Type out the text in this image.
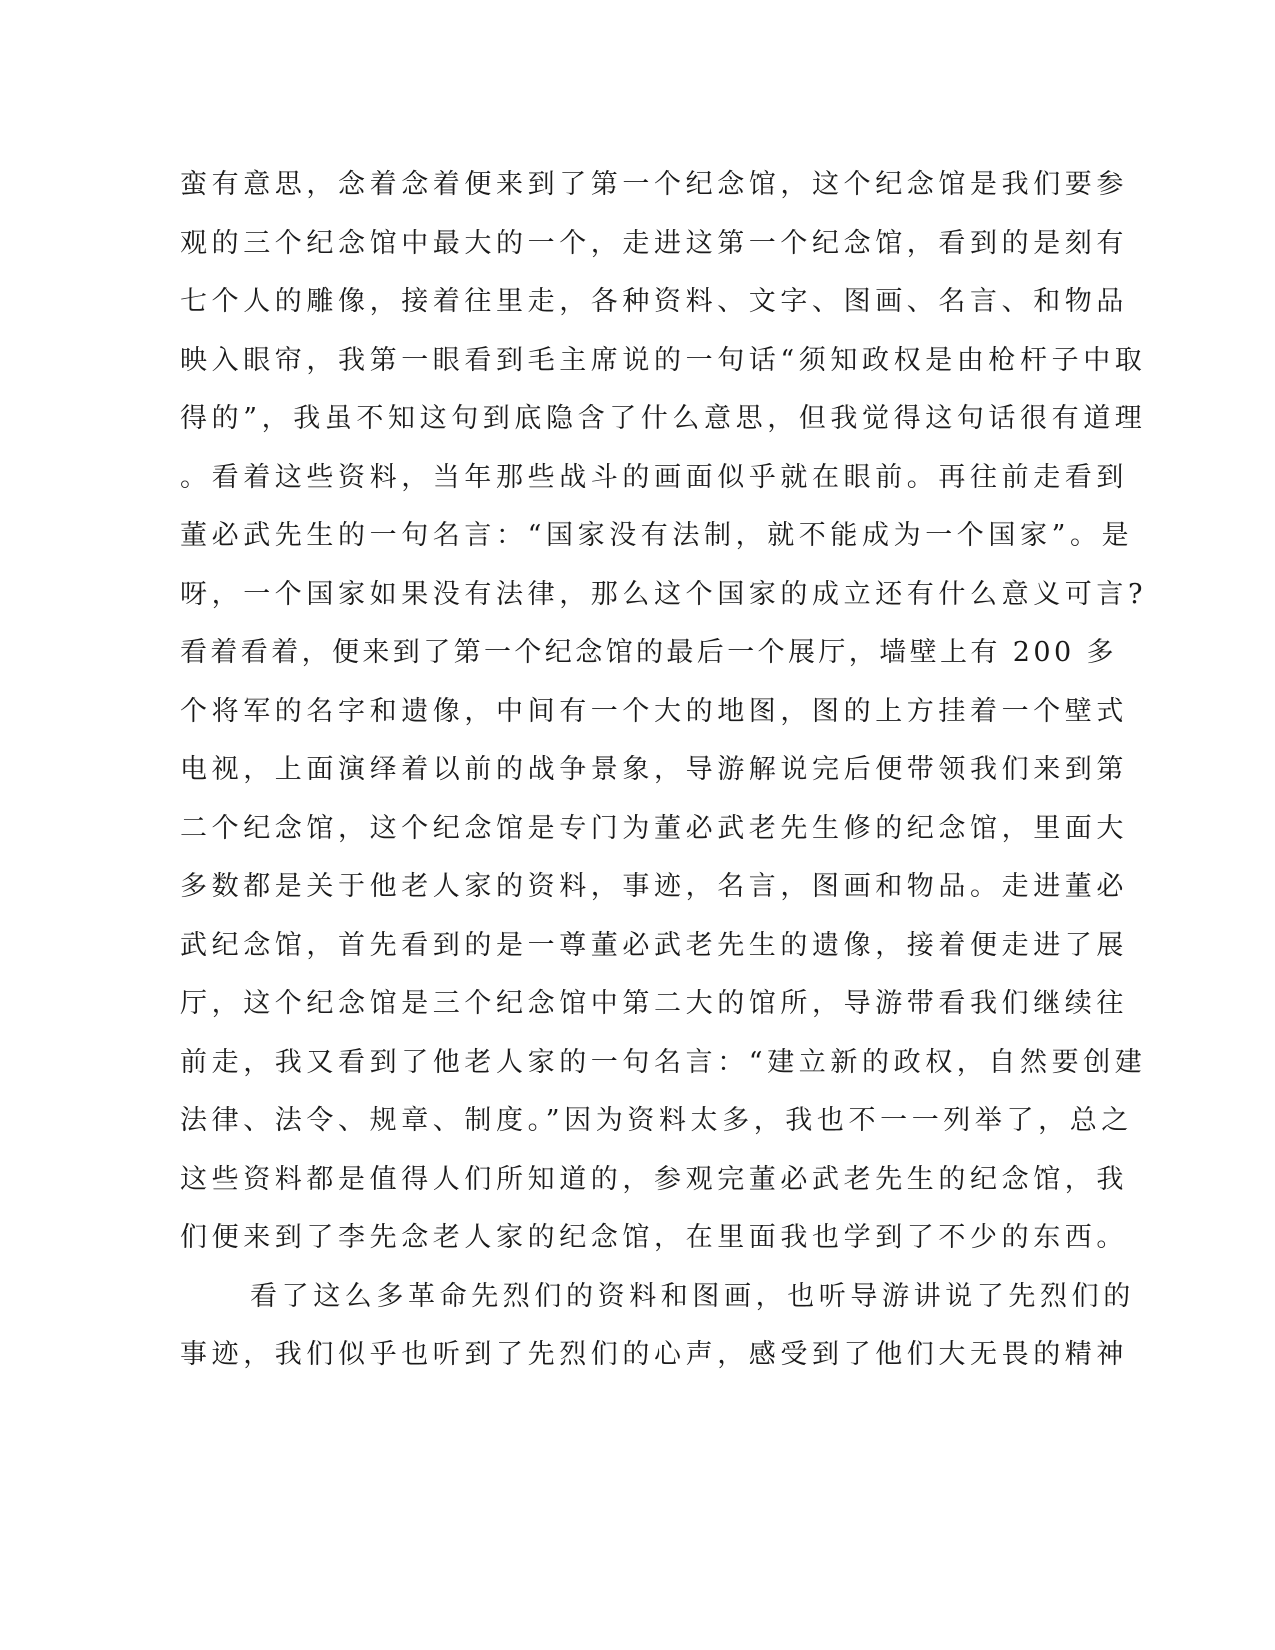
蛮有意思，念着念着便来到了第一个纪念馆，这个纪念馆是我们要参
观的三个纪念馆中最大的一个，走进这第一个纪念馆，看到的是刻有
七个人的雕像，接着往里走，各种资料、文字、图画、名言、和物品
映入眼帘，我第一眼看到毛主席说的一句话“须知政权是由枪杆子中取
得的”，我虽不知这句到底隐含了什么意思，但我觉得这句话很有道理
。看着这些资料，当年那些战斗的画面似乎就在眼前。再往前走看到
董必武先生的一句名言：“国家没有法制，就不能成为一个国家”。是
呀，一个国家如果没有法律，那么这个国家的成立还有什么意义可言?
看着看着，便来到了第一个纪念馆的最后一个展厅，墙壁上有 200 多
个将军的名字和遗像，中间有一个大的地图，图的上方挂着一个壁式
电视，上面演绎着以前的战争景象，导游解说完后便带领我们来到第
二个纪念馆，这个纪念馆是专门为董必武老先生修的纪念馆，里面大
多数都是关于他老人家的资料，事迹，名言，图画和物品。走进董必
武纪念馆，首先看到的是一尊董必武老先生的遗像，接着便走进了展
厅，这个纪念馆是三个纪念馆中第二大的馆所，导游带看我们继续往
前走，我又看到了他老人家的一句名言：“建立新的政权，自然要创建
法律、法令、规章、制度。”因为资料太多，我也不一一列举了，总之
这些资料都是值得人们所知道的，参观完董必武老先生的纪念馆，我
们便来到了李先念老人家的纪念馆，在里面我也学到了不少的东西。
看了这么多革命先烈们的资料和图画，也听导游讲说了先烈们的
事迹，我们似乎也听到了先烈们的心声，感受到了他们大无畏的精神
